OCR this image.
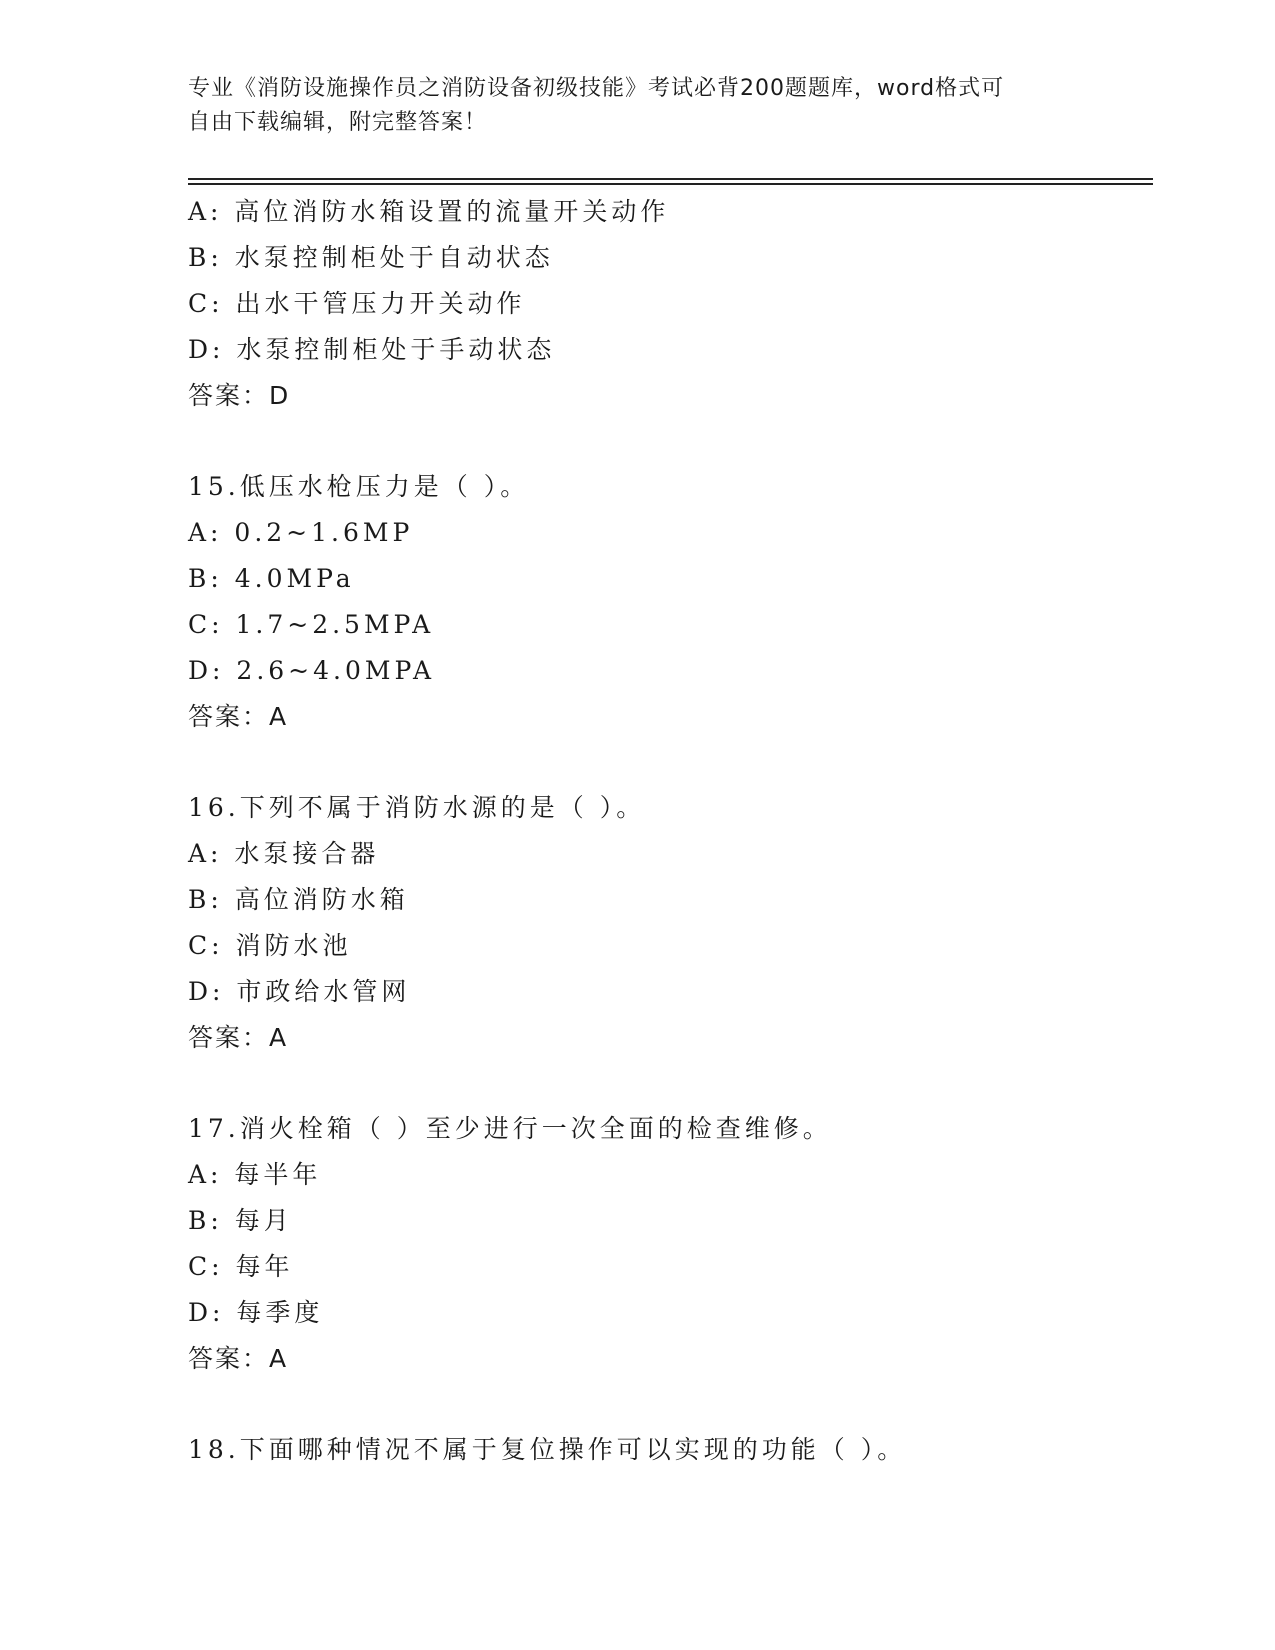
专业《消防设施操作员之消防设备初级技能》考试必背200题题库，word格式可
自由下载编辑，附完整答案！
A: 高位消防水箱设置的流量开关动作
B: 水泵控制柜处于自动状态
C: 出水干管压力开关动作
D: 水泵控制柜处于手动状态
答案：D
15.低压水枪压力是（ ）。
A: 0.2~1.6MP
B: 4.0MPa
C: 1.7~2.5MPA
D: 2.6~4.0MPA
答案：A
16.下列不属于消防水源的是（ ）。
A: 水泵接合器
B: 高位消防水箱
C: 消防水池
D: 市政给水管网
答案：A
17.消火栓箱（ ）至少进行一次全面的检查维修。
A: 每半年
B: 每月
C: 每年
D: 每季度
答案：A
18.下面哪种情况不属于复位操作可以实现的功能（ ）。
